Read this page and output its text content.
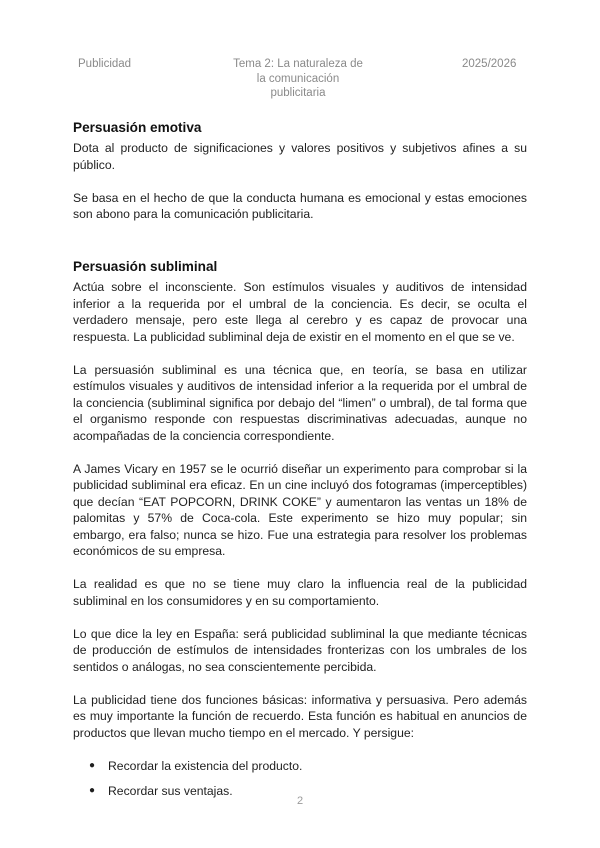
Publicidad	Tema 2: La naturaleza de
la comunicación
publicitaria
2025/2026
Persuasión emotiva

Dota al producto de significaciones y valores positivos y subjetivos afines a su público.

Se basa en el hecho de que la conducta humana es emocional y estas emociones son abono para la comunicación publicitaria.

Persuasión subliminal

Actúa sobre el inconsciente. Son estímulos visuales y auditivos de intensidad inferior a la requerida por el umbral de la conciencia. Es decir, se oculta el verdadero mensaje, pero este llega al cerebro y es capaz de provocar una respuesta. La publicidad subliminal deja de existir en el momento en el que se ve.

La persuasión subliminal es una técnica que, en teoría, se basa en utilizar estímulos visuales y auditivos de intensidad inferior a la requerida por el umbral de la conciencia (subliminal significa por debajo del “limen” o umbral), de tal forma que el organismo responde con respuestas discriminativas adecuadas, aunque no acompañadas de la conciencia correspondiente.

A James Vicary en 1957 se le ocurrió diseñar un experimento para comprobar si la publicidad subliminal era eficaz. En un cine incluyó dos fotogramas (imperceptibles) que decían “EAT POPCORN, DRINK COKE” y aumentaron las ventas un 18% de palomitas y 57% de Coca-cola. Este experimento se hizo muy popular; sin embargo, era falso; nunca se hizo. Fue una estrategia para resolver los problemas económicos de su empresa.

La realidad es que no se tiene muy claro la influencia real de la publicidad subliminal en los consumidores y en su comportamiento.

Lo que dice la ley en España: será publicidad subliminal la que mediante técnicas de producción de estímulos de intensidades fronterizas con los umbrales de los sentidos o análogas, no sea conscientemente percibida.

La publicidad tiene dos funciones básicas: informativa y persuasiva. Pero además es muy importante la función de recuerdo. Esta función es habitual en anuncios de productos que llevan mucho tiempo en el mercado. Y persigue:

● Recordar la existencia del producto.
● Recordar sus ventajas.
2
